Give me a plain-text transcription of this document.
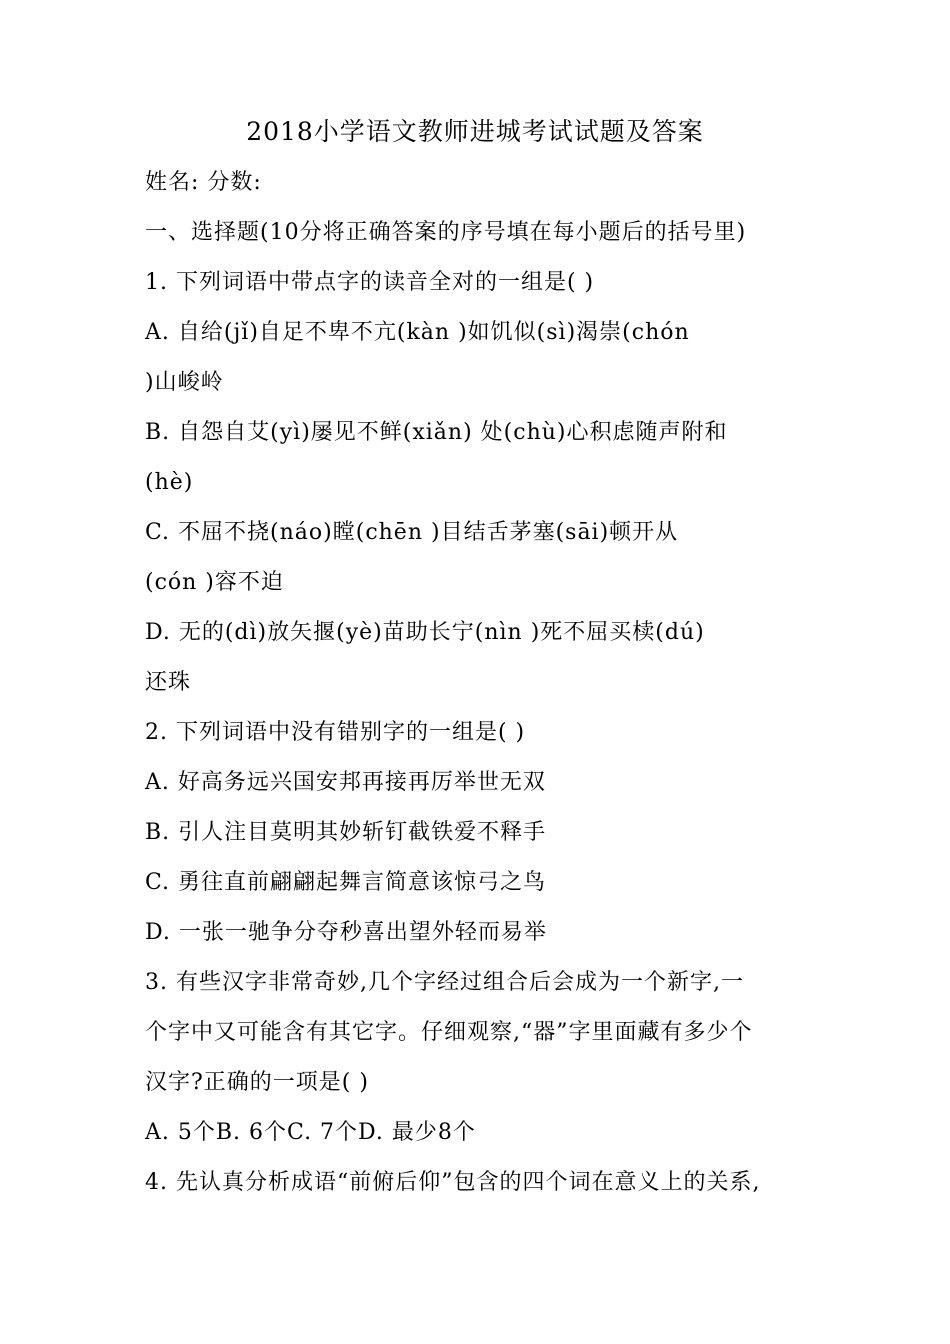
2018小学语文教师进城考试试题及答案
姓名: 分数:
一、选择题(10分将正确答案的序号填在每小题后的括号里)
1. 下列词语中带点字的读音全对的一组是( )
A. 自给(jǐ)自足不卑不亢(kàn )如饥似(sì)渴崇(chón
)山峻岭
B. 自怨自艾(yì)屡见不鲜(xiǎn) 处(chù)心积虑随声附和
(hè)
C. 不屈不挠(náo)瞠(chēn )目结舌茅塞(sāi)顿开从
(cón )容不迫
D. 无的(dì)放矢揠(yè)苗助长宁(nìn )死不屈买椟(dú)
还珠
2. 下列词语中没有错别字的一组是( )
A. 好高务远兴国安邦再接再厉举世无双
B. 引人注目莫明其妙斩钉截铁爱不释手
C. 勇往直前翩翩起舞言简意该惊弓之鸟
D. 一张一驰争分夺秒喜出望外轻而易举
3. 有些汉字非常奇妙,几个字经过组合后会成为一个新字,一
个字中又可能含有其它字。仔细观察,“器”字里面藏有多少个
汉字?正确的一项是( )
A. 5个B. 6个C. 7个D. 最少8个
4. 先认真分析成语“前俯后仰”包含的四个词在意义上的关系,
